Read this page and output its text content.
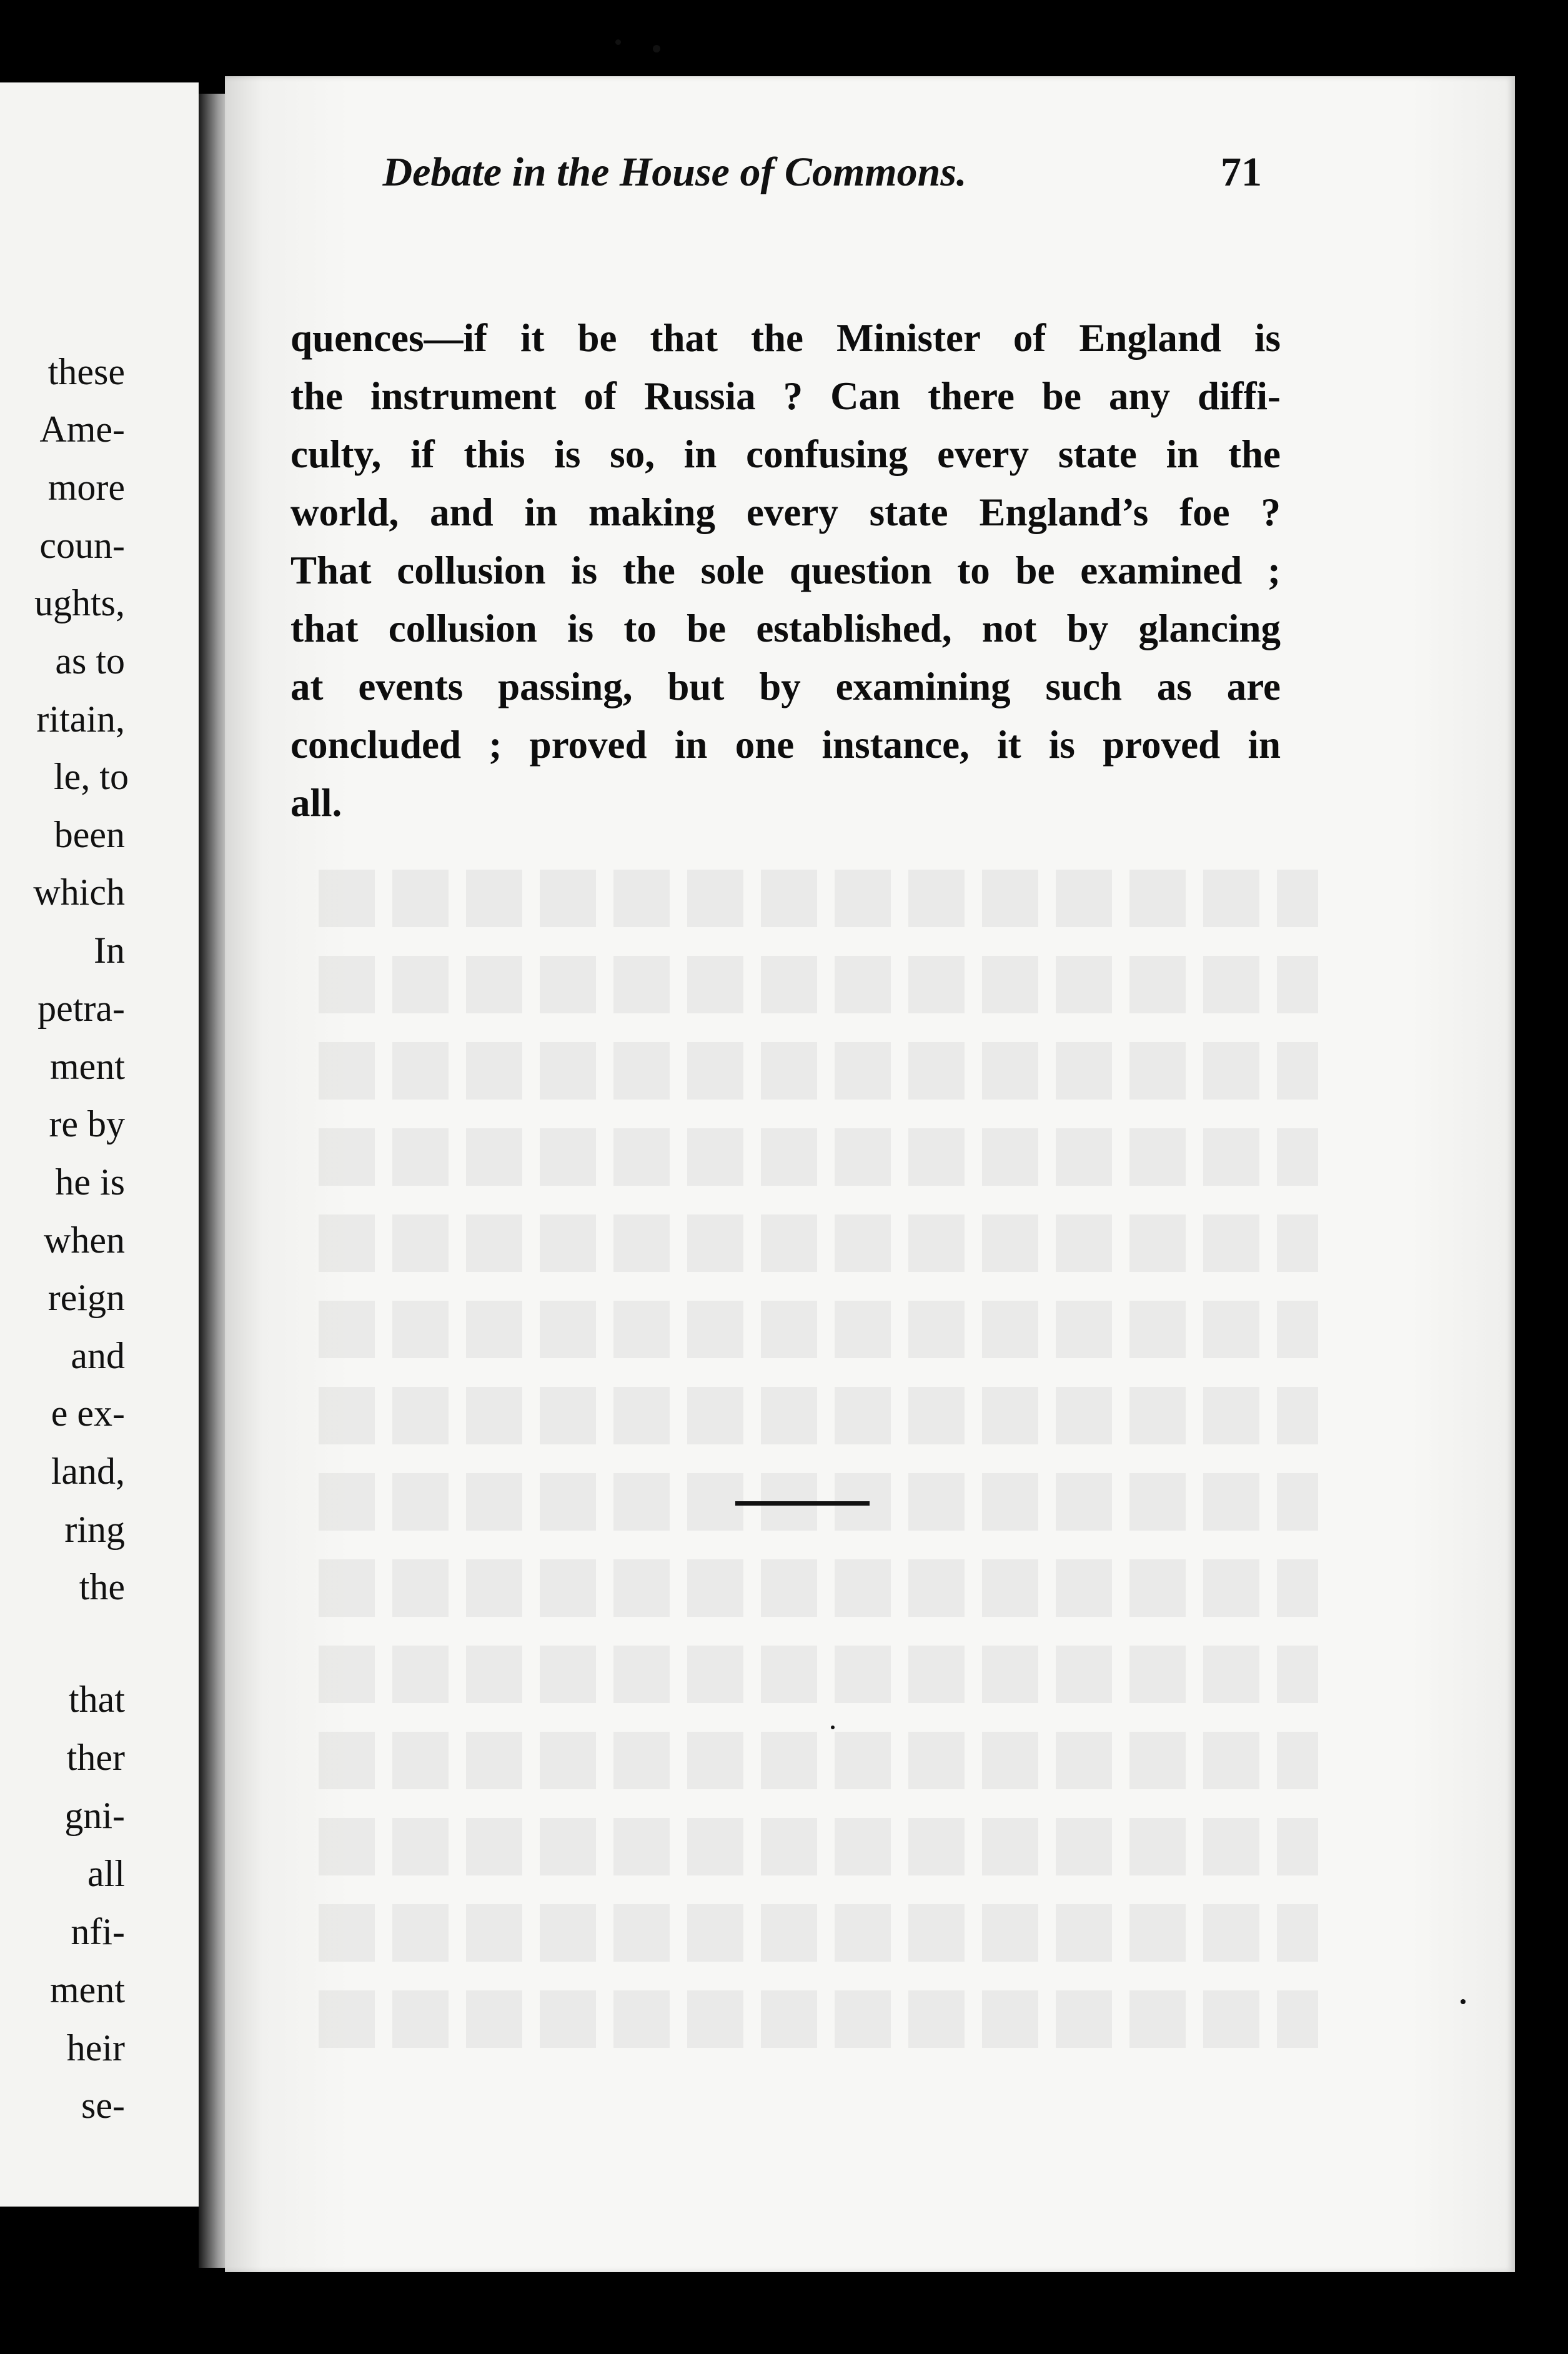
these
Ame-
more
coun-
ughts,
as to
ritain,
le, to
been
which
In
petra-
ment
re by
he is
when
reign
and
e ex-
land,
ring
the
that
ther
gni-
all
nfi-
ment
heir
se-
Debate in the House of Commons.	71
quences—if it be that the Minister of England is
the instrument of Russia ? Can there be any diffi-
culty, if this is so, in confusing every state in the
world, and in making every state England’s foe ?
That collusion is the sole question to be examined ;
that collusion is to be established, not by glancing
at events passing, but by examining such as are
concluded ; proved in one instance, it is proved in
all.
